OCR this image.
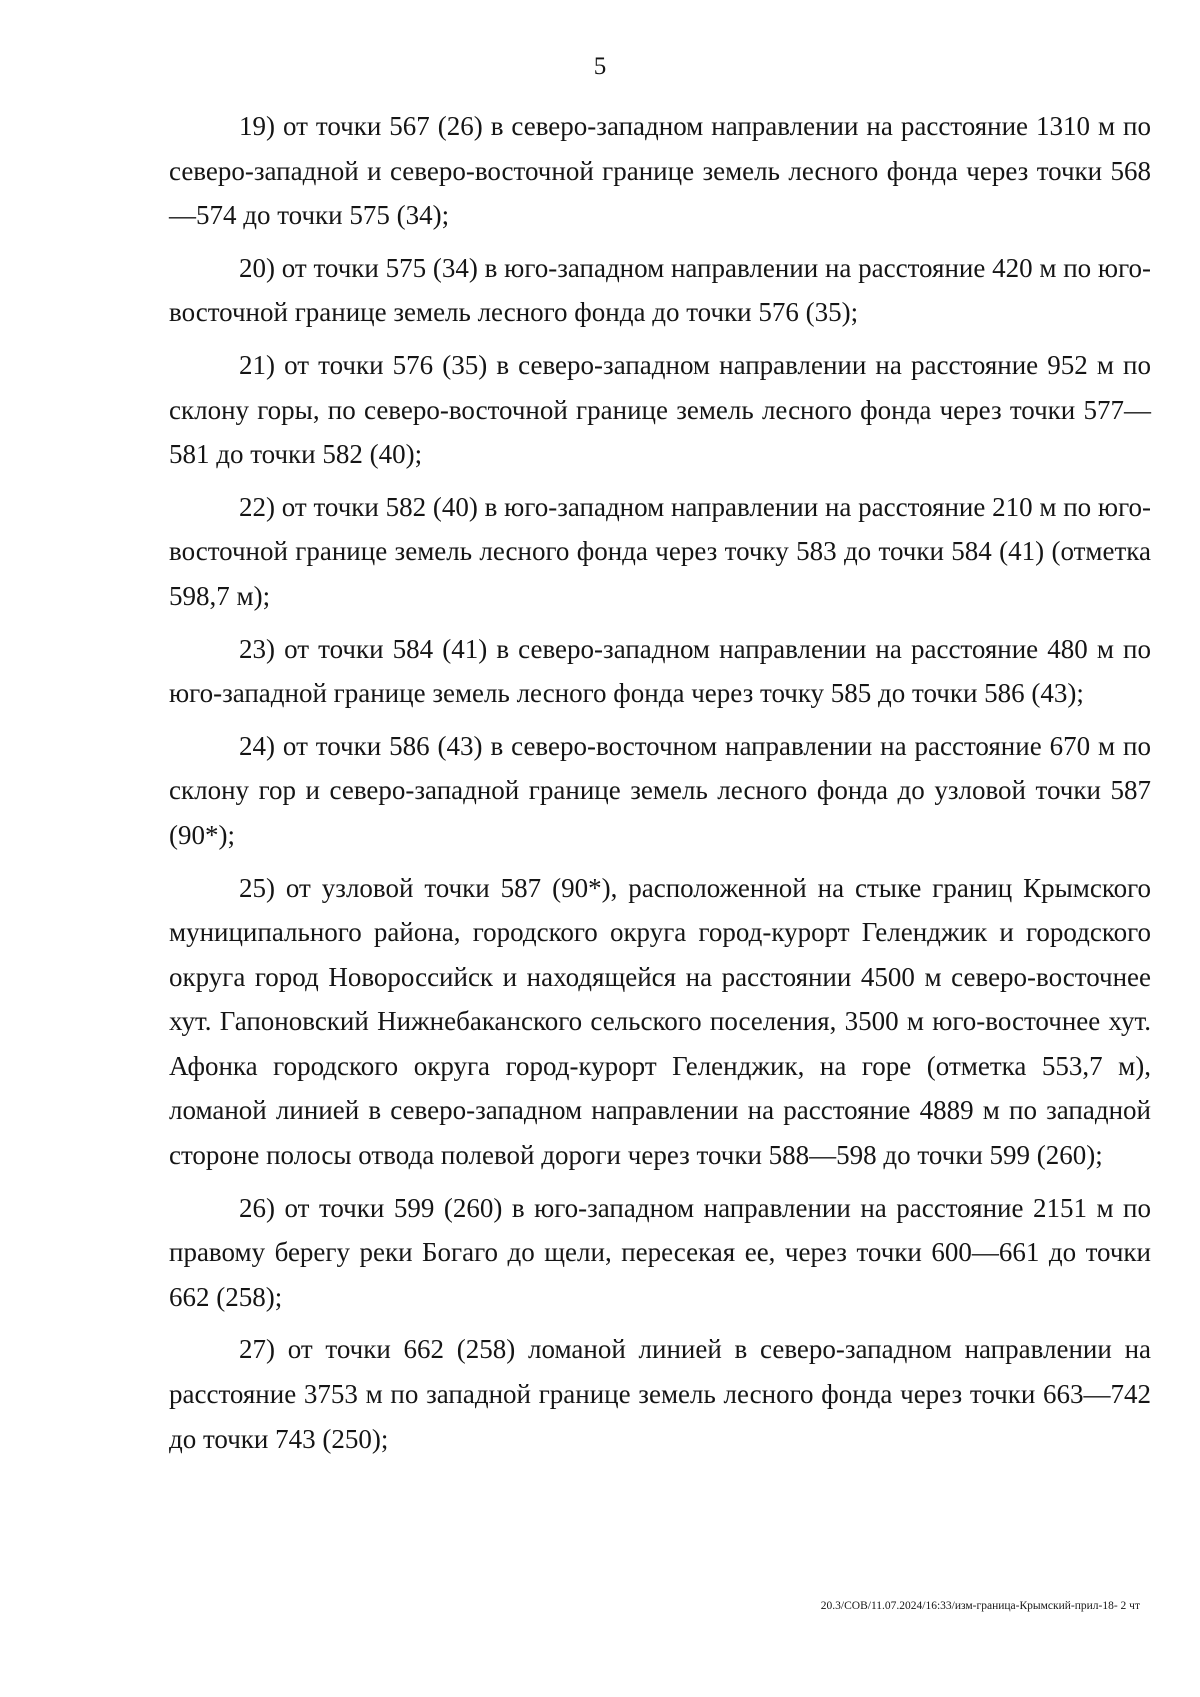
5

19) от точки 567 (26) в северо-западном направлении на расстояние 1310 м по северо-западной и северо-восточной границе земель лесного фонда через точки 568—574 до точки 575 (34);

20) от точки 575 (34) в юго-западном направлении на расстояние 420 м по юго-восточной границе земель лесного фонда до точки 576 (35);

21) от точки 576 (35) в северо-западном направлении на расстояние 952 м по склону горы, по северо-восточной границе земель лесного фонда через точки 577—581 до точки 582 (40);

22) от точки 582 (40) в юго-западном направлении на расстояние 210 м по юго-восточной границе земель лесного фонда через точку 583 до точки 584 (41) (отметка 598,7 м);

23) от точки 584 (41) в северо-западном направлении на расстояние 480 м по юго-западной границе земель лесного фонда через точку 585 до точки 586 (43);

24) от точки 586 (43) в северо-восточном направлении на расстояние 670 м по склону гор и северо-западной границе земель лесного фонда до узловой точки 587 (90*);

25) от узловой точки 587 (90*), расположенной на стыке границ Крымского муниципального района, городского округа город-курорт Геленджик и городского округа город Новороссийск и находящейся на расстоянии 4500 м северо-восточнее хут. Гапоновский Нижнебаканского сельского поселения, 3500 м юго-восточнее хут. Афонка городского округа город-курорт Геленджик, на горе (отметка 553,7 м), ломаной линией в северо-западном направлении на расстояние 4889 м по западной стороне полосы отвода полевой дороги через точки 588—598 до точки 599 (260);

26) от точки 599 (260) в юго-западном направлении на расстояние 2151 м по правому берегу реки Богаго до щели, пересекая ее, через точки 600—661 до точки 662 (258);

27) от точки 662 (258) ломаной линией в северо-западном направлении на расстояние 3753 м по западной границе земель лесного фонда через точки 663—742 до точки 743 (250);

20.3/СОВ/11.07.2024/16:33/изм-граница-Крымский-прил-18- 2 чт
